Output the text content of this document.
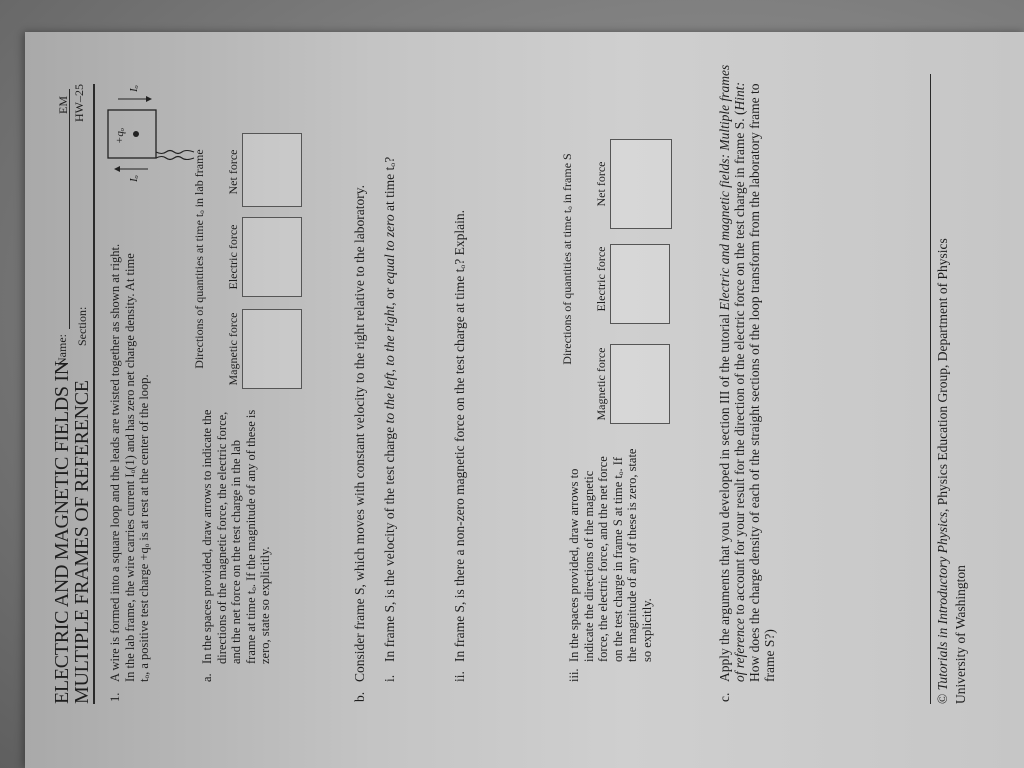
ELECTRIC AND MAGNETIC FIELDS IN
MULTIPLE FRAMES OF REFERENCE
Name:
Section:
EM HW–25
1.
A wire is formed into a square loop and the leads are twisted together as shown at right. In the lab frame, the wire carries current Iₒ(1) and has zero net charge density. At time tₒ, a positive test charge +qₒ is at rest at the center of the loop.
+qₒ
Iₒ
Iₒ
a.
In the spaces provided, draw arrows to indicate the directions of the magnetic force, the electric force, and the net force on the test charge in the lab frame at time tₒ. If the magnitude of any of these is zero, state so explicitly.
Directions of quantities at time tₒ in lab frame Magnetic force
Electric force
Net force
b.
Consider frame S, which moves with constant velocity to the right relative to the laboratory. i.
In frame S, is the velocity of the test charge to the left, to the right, or equal to zero at time tₒ?
ii.
In frame S, is there a non-zero magnetic force on the test charge at time tₒ? Explain.
iii.
In the spaces provided, draw arrows to indicate the directions of the magnetic force, the electric force, and the net force on the test charge in frame S at time tₒ. If the magnitude of any of these is zero, state so explicitly.
Directions of quantities at time tₒ in frame S
Magnetic force
Electric force
Net force
c.
Apply the arguments that you developed in section III of the tutorial Electric and magnetic fields: Multiple frames of reference to account for your result for the direction of the electric force on the test charge in frame S. (Hint: How does the charge density of each of the straight sections of the loop transform from the laboratory frame to frame S?)
© Tutorials in Introductory Physics, Physics Education Group, Department of Physics
University of Washington
